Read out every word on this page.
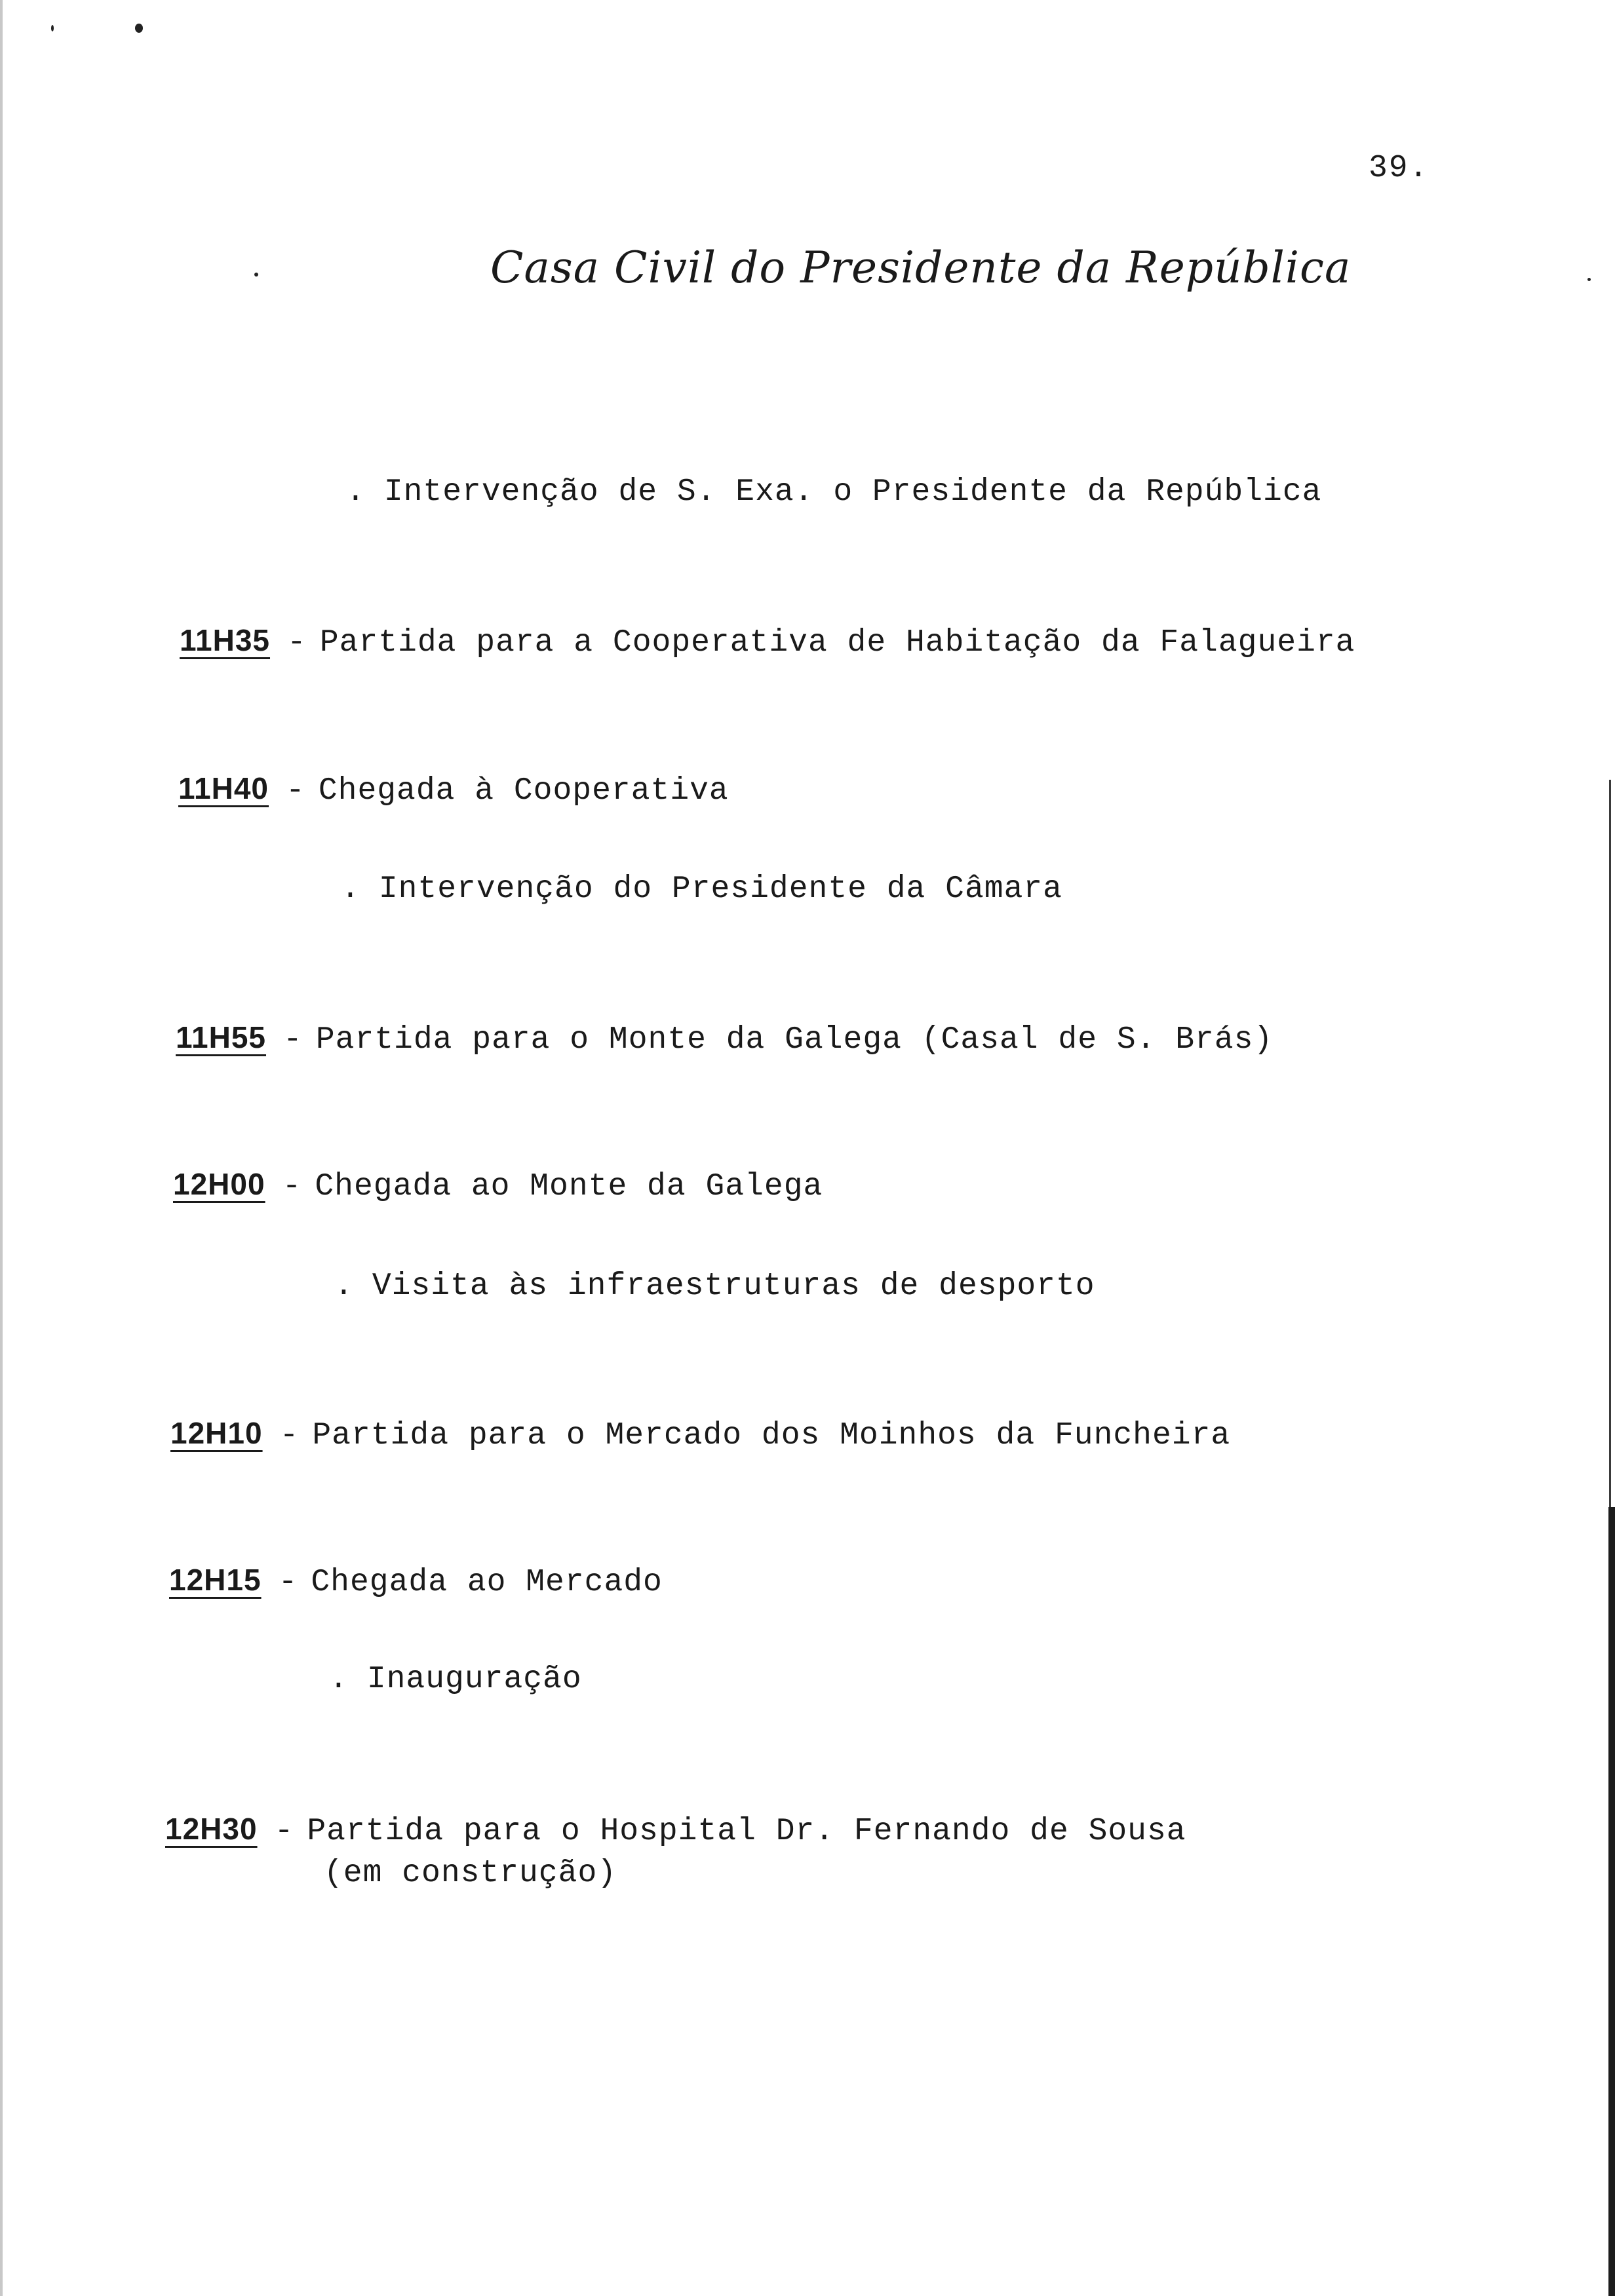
39.
Casa Civil do Presidente da República
. Intervenção de S. Exa. o Presidente da República
11H35 - Partida para a Cooperativa de Habitação da Falagueira
11H40 - Chegada à Cooperativa
. Intervenção do Presidente da Câmara
11H55 - Partida para o Monte da Galega (Casal de S. Brás)
12H00 - Chegada ao Monte da Galega
. Visita às infraestruturas de desporto
12H10 - Partida para o Mercado dos Moinhos da Funcheira
12H15 - Chegada ao Mercado
. Inauguração
12H30 - Partida para o Hospital Dr. Fernando de Sousa
(em construção)
